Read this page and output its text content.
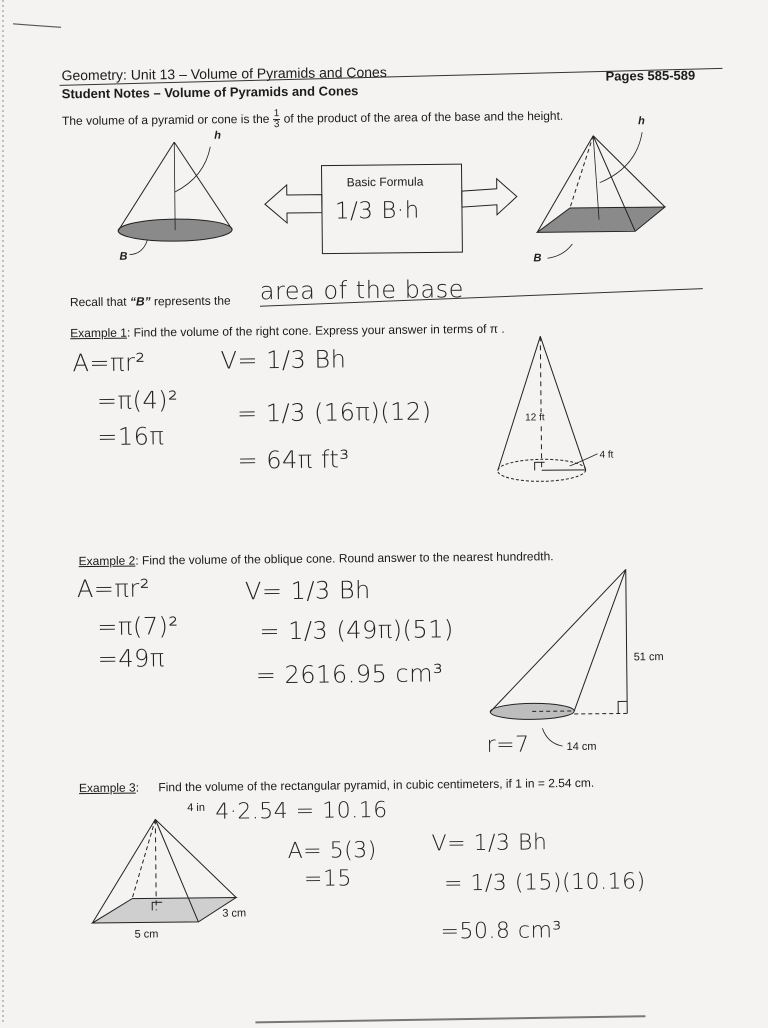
Geometry: Unit 13 – Volume of Pyramids and Cones
Student Notes – Volume of Pyramids and Cones
Pages 585-589
The volume of a pyramid or cone is the $\frac{1}{3}$ of the product of the area of the base and the height.
h
B
Basic Formula
1/3 B·h
h
B
Recall that “B” represents the area of the base
Example 1: Find the volume of the right cone. Express your answer in terms of π .
A=πr²
=π(4)²
=16π
V= 1/3 Bh
= 1/3 (16π)(12)
= 64π ft³
12 ft
4 ft
Example 2: Find the volume of the oblique cone. Round answer to the nearest hundredth.
A=πr²
=π(7)²
=49π
V= 1/3 Bh
= 1/3 (49π)(51)
= 2616.95 cm³
51 cm
14 cm
r=7
Example 3: Find the volume of the rectangular pyramid, in cubic centimeters, if 1 in = 2.54 cm.
4 in
3 cm
5 cm
4·2.54 = 10.16
A= 5(3)
=15
V= 1/3 Bh
= 1/3 (15)(10.16)
=50.8 cm³
